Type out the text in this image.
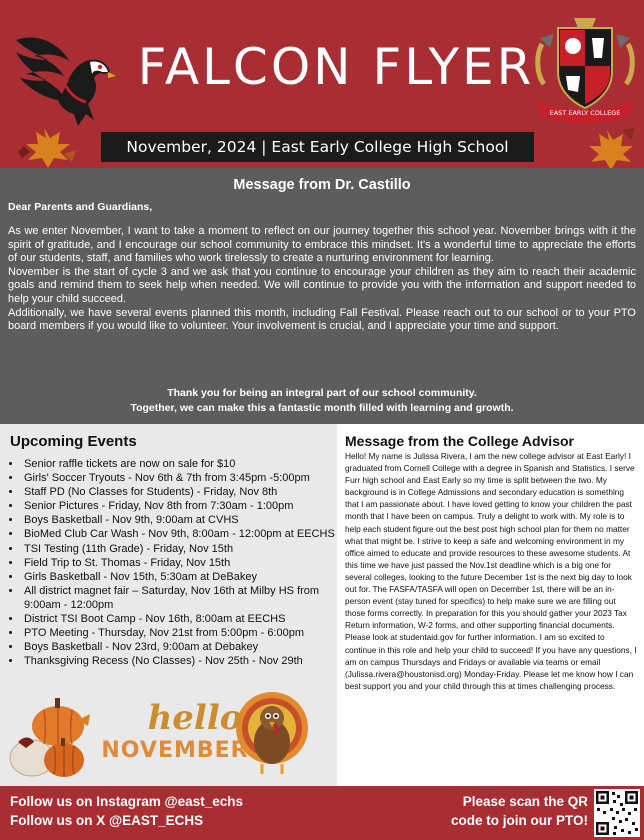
FALCON FLYER
EAST EARLY COLLEGE
November, 2024 | East Early College High School
Message from Dr. Castillo
Dear Parents and Guardians,

As we enter November, I want to take a moment to reflect on our journey together this school year. November brings with it the spirit of gratitude, and I encourage our school community to embrace this mindset. It's a wonderful time to appreciate the efforts of our students, staff, and families who work tirelessly to create a nurturing environment for learning.

November is the start of cycle 3 and we ask that you continue to encourage your children as they aim to reach their academic goals and remind them to seek help when needed. We will continue to provide you with the information and support needed to help your child succeed.

Additionally, we have several events planned this month, including Fall Festival. Please reach out to our school or to your PTO board members if you would like to volunteer. Your involvement is crucial, and I appreciate your time and support.

Thank you for being an integral part of our school community.
Together, we can make this a fantastic month filled with learning and growth.
Upcoming Events
• Senior raffle tickets are now on sale for $10
• Girls' Soccer Tryouts - Nov 6th & 7th from 3:45pm -5:00pm
• Staff PD (No Classes for Students) - Friday, Nov 8th
• Senior Pictures - Friday, Nov 8th from 7:30am - 1:00pm
• Boys Basketball - Nov 9th, 9:00am at CVHS
• BioMed Club Car Wash - Nov 9th, 8:00am - 12:00pm at EECHS
• TSI Testing (11th Grade) - Friday, Nov 15th
• Field Trip to St. Thomas - Friday, Nov 15th
• Girls Basketball - Nov 15th, 5:30am at DeBakey
• All district magnet fair – Saturday, Nov 16th at Milby HS from 9:00am - 12:00pm
• District TSI Boot Camp - Nov 16th, 8:00am at EECHS
• PTO Meeting - Thursday, Nov 21st from 5:00pm - 6:00pm
• Boys Basketball - Nov 23rd, 9:00am at Debakey
• Thanksgiving Recess (No Classes) - Nov 25th - Nov 29th
hello
NOVEMBER
Message from the College Advisor
Hello! My name is Julissa Rivera, I am the new college advisor at East Early! I graduated from Cornell College with a degree in Spanish and Statistics. I serve Furr high school and East Early so my time is split between the two. My background is in College Admissions and secondary education is something that I am passionate about. I have loved getting to know your children the past month that I have been on campus. Truly a delight to work with. My role is to help each student figure out the best post high school plan for them no matter what that might be. I strive to keep a safe and welcoming environment in my office aimed to educate and provide resources to these awesome students. At this time we have just passed the Nov.1st deadline which is a big one for several colleges, looking to the future December 1st is the next big day to look out for. The FASFA/TASFA will open on December 1st, there will be an in-person event (stay tuned for specifics) to help make sure we are filling out those forms correctly. In preparation for this you should gather your 2023 Tax Return information, W-2 forms, and other supporting financial documents. Please look at studentaid.gov for further information. I am so excited to continue in this role and help your child to succeed! If you have any questions, I am on campus Thursdays and Fridays or available via teams or email (Julissa.rivera@houstonisd.org) Monday-Friday. Please let me know how I can best support you and your child through this at times challenging process.
Follow us on Instagram @east_echs
Follow us on X @EAST_ECHS
Please scan the QR
code to join our PTO!
